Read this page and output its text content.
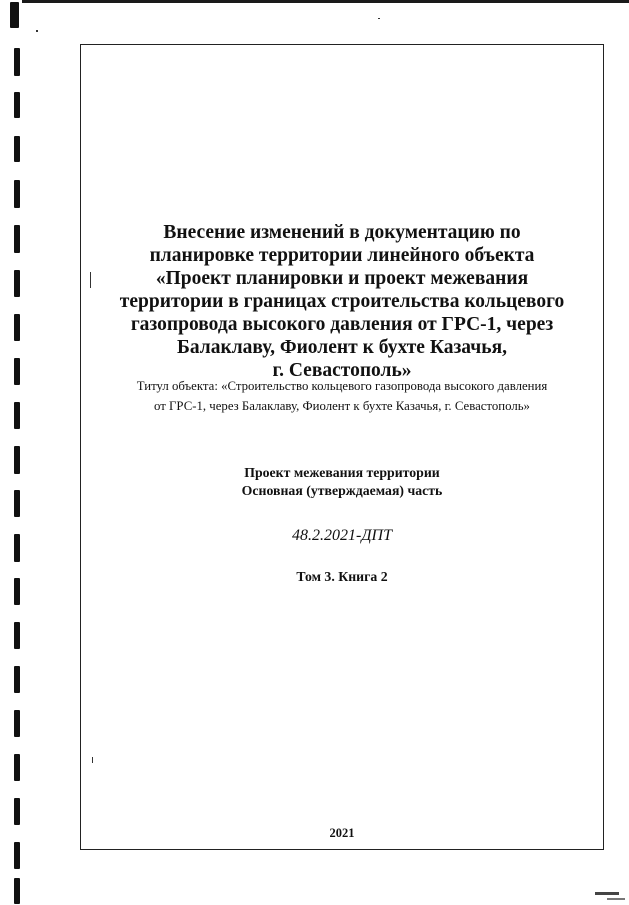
Внесение изменений в документацию по
планировке территории линейного объекта
«Проект планировки и проект межевания
территории в границах строительства кольцевого
газопровода высокого давления от ГРС-1, через
Балаклаву, Фиолент к бухте Казачья,
г. Севастополь»
Титул объекта: «Строительство кольцевого газопровода высокого давления
от ГРС-1, через Балаклаву, Фиолент к бухте Казачья, г. Севастополь»
Проект межевания территории
Основная (утверждаемая) часть
48.2.2021-ДПТ
Том 3. Книга 2
2021
